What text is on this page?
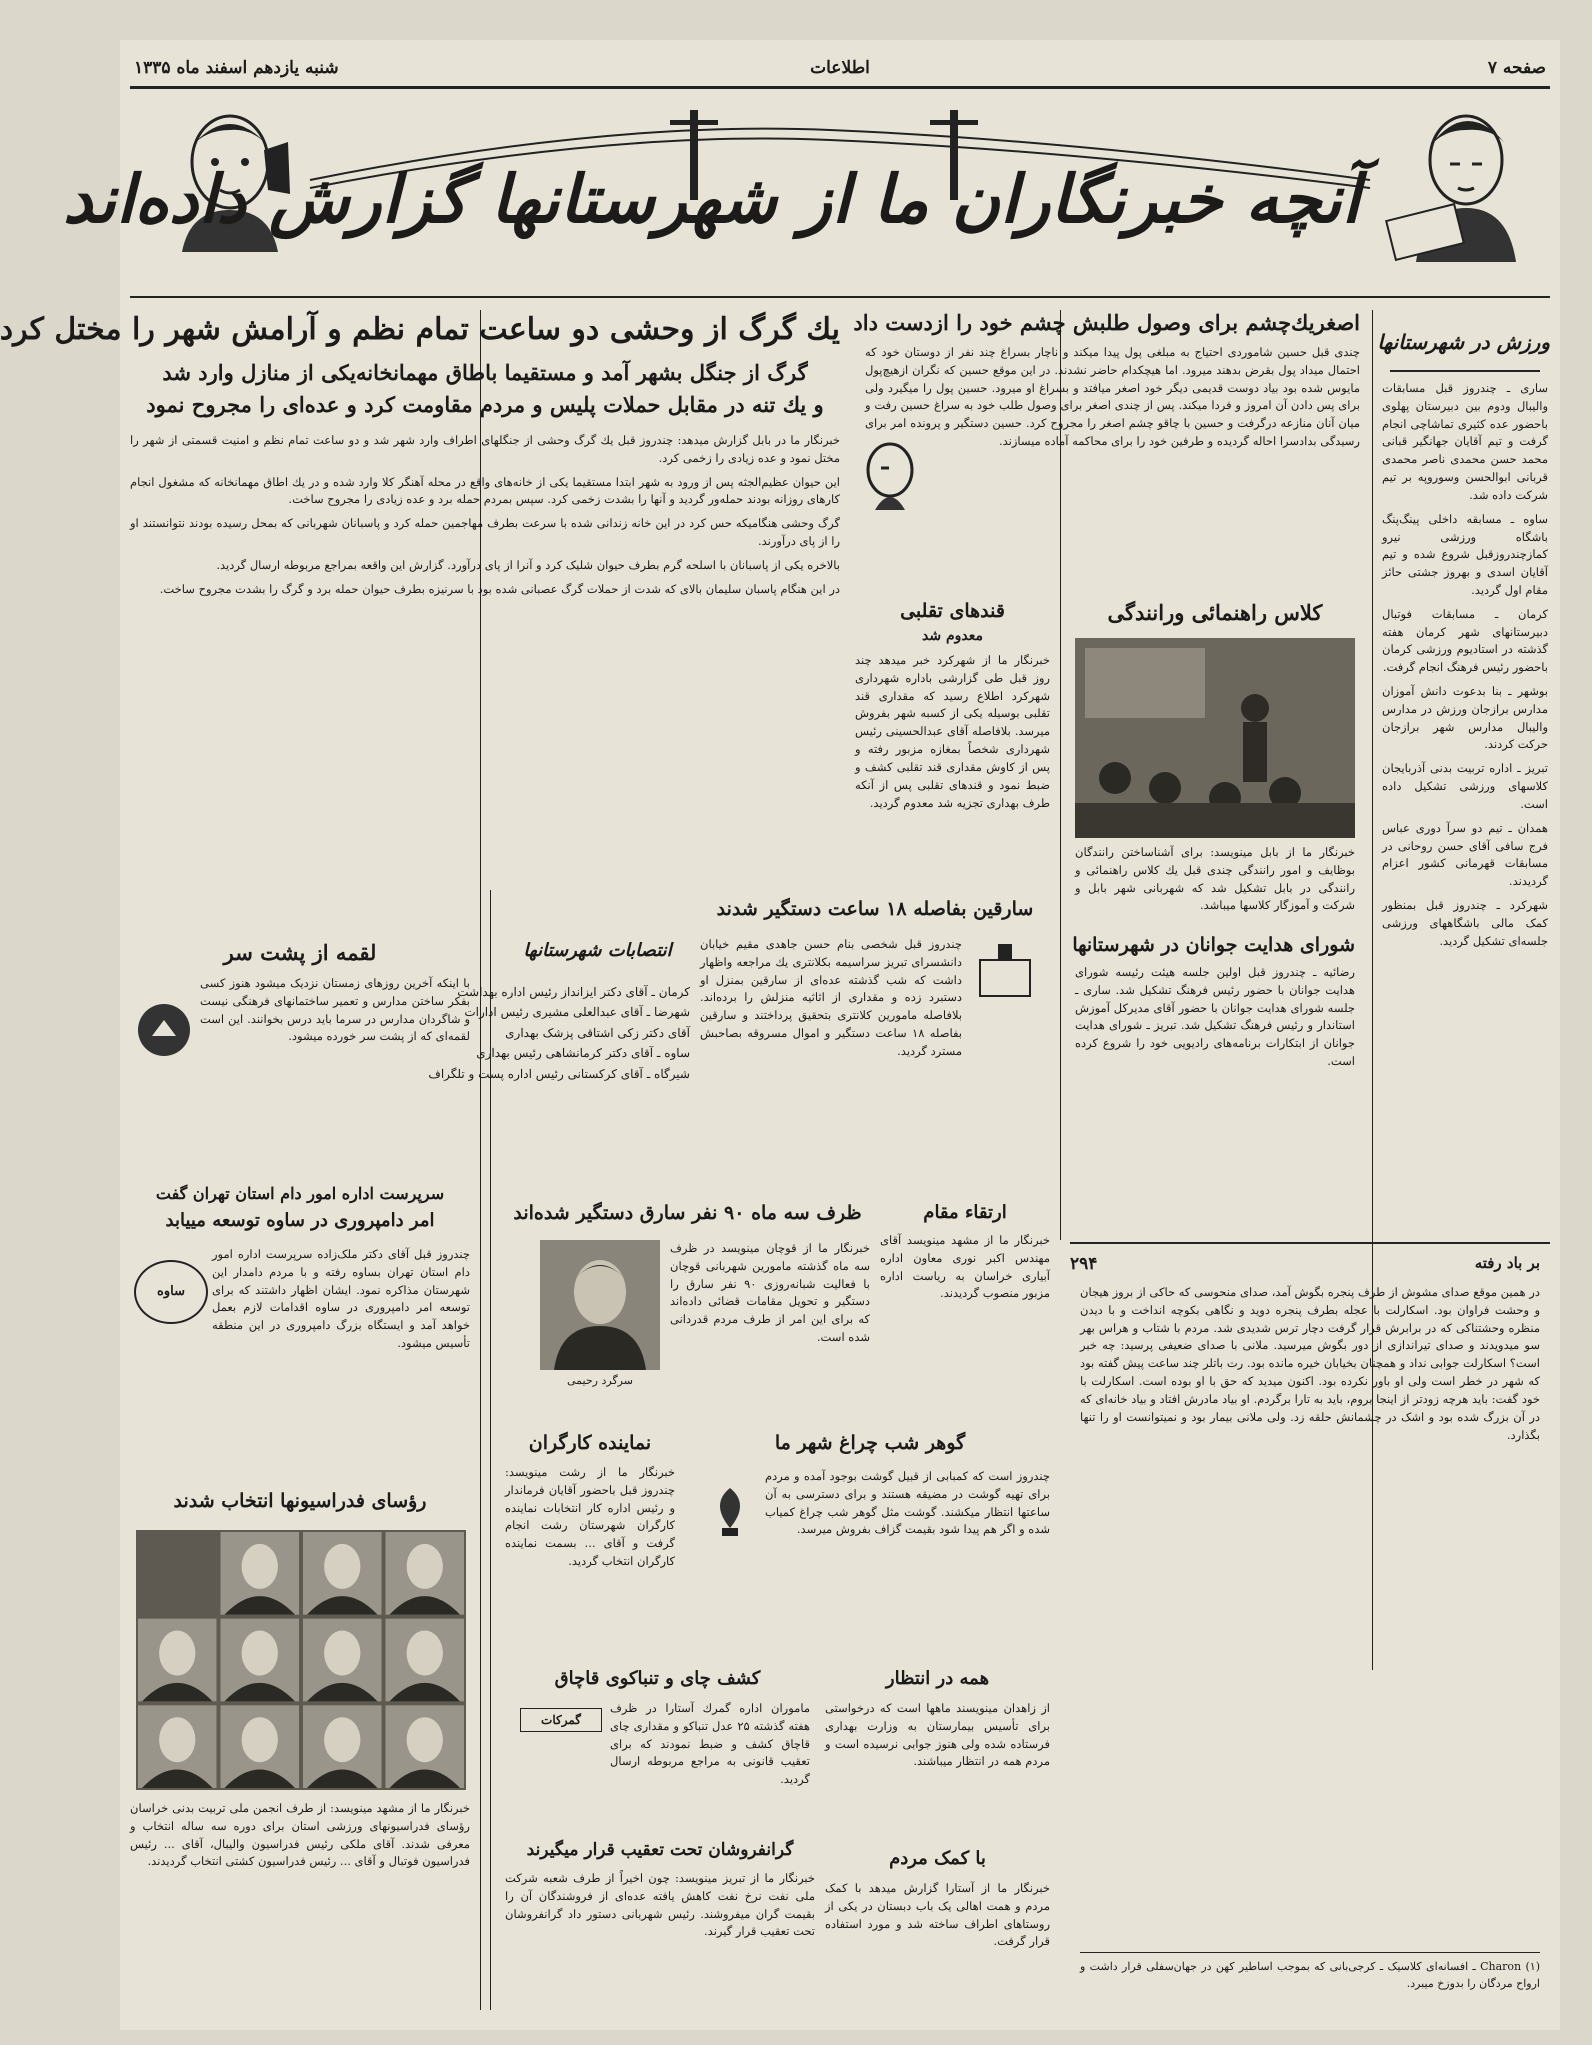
صفحه ۷
اطلاعات
شنبه یازدهم اسفند ماه ۱۳۳۵
آنچه خبرنگاران ما از شهرستانها گزارش داده‌اند
ورزش در شهرستانها

ساری ـ چندروز قبل مسابقات والیبال ودوم بین دبیرستان پهلوی باحضور عده کثیری تماشاچی انجام گرفت و تیم آقایان جهانگیر قبانی محمد حسن محمدی ناصر محمدی قربانی ابوالحسن وسوروپه بر تیم شرکت داده شد.

ساوه ـ مسابقه داخلی پینگ‌پنگ باشگاه ورزشی نیرو کمازچندروزقبل شروع شده و تیم آقایان اسدی و بهروز جشتی حائز مقام اول گردید.

کرمان ـ مسابقات فوتبال دبیرستانهای شهر کرمان هفته گذشته در استادیوم ورزشی کرمان باحضور رئیس فرهنگ انجام گرفت.

بوشهر ـ بنا بدعوت دانش آموزان مدارس برازجان ورزش در مدارس والیبال مدارس شهر برازجان حرکت کردند.

تبریز ـ اداره تربیت بدنی آذربایجان کلاسهای ورزشی تشکیل داده است.

همدان ـ تیم دو سرآ دوری عباس فرج سافی آقای حسن روحانی در مسابقات قهرمانی کشور اعزام گردیدند.

شهرکرد ـ چندروز قبل بمنظور کمک مالی باشگاههای ورزشی جلسه‌ای تشکیل گردید.

اصغریك‌چشم برای وصول طلبش چشم خود را ازدست داد
چندی قبل حسین شاموردی احتیاج به مبلغی پول پیدا میکند و ناچار بسراغ چند نفر از دوستان خود که احتمال میداد پول بقرض بدهند میرود. اما هیچکدام حاضر نشدند. در این موقع حسین که نگران ازهیچ‌پول مایوس شده بود بیاد دوست قدیمی دیگر خود اصغر میافتد و بسراغ او میرود. حسین پول را میگیرد ولی برای پس دادن آن امروز و فردا میکند. پس از چندی اصغر برای وصول طلب خود به سراغ حسین رفت و میان آنان منازعه درگرفت و حسین با چاقو چشم اصغر را مجروح کرد. حسین دستگیر و پرونده امر برای رسیدگی بدادسرا احاله گردیده و طرفین خود را برای محاکمه آماده میسازند.
قندهای تقلبی
معدوم شد
خبرنگار ما از شهرکرد خبر میدهد چند روز قبل طی گزارشی باداره شهرداری شهرکرد اطلاع رسید که مقداری قند تقلبی بوسیله یکی از کسبه شهر بفروش میرسد. بلافاصله آقای عبدالحسینی رئیس شهرداری شخصاً بمغازه مزبور رفته و پس از کاوش مقداری قند تقلبی کشف و ضبط نمود و قندهای تقلبی پس از آنکه طرف بهداری تجزیه شد معدوم گردید.
کلاس راهنمائی ورانندگی
خبرنگار ما از بابل مینویسد: برای آشناساختن رانندگان بوظایف و امور رانندگی چندی قبل یك کلاس راهنمائی و رانندگی در بابل تشکیل شد که شهربانی شهر بابل و شرکت و آموزگار کلاسها میباشد.
شورای هدایت جوانان در شهرستانها
رضائیه ـ چندروز قبل اولین جلسه هیئت رئیسه شورای هدایت جوانان با حضور رئیس فرهنگ تشکیل شد. ساری ـ جلسه شورای هدایت جوانان با حضور آقای مدیرکل آموزش استاندار و رئیس فرهنگ تشکیل شد. تبریز ـ شورای هدایت جوانان از ابتکارات برنامه‌های رادیویی خود را شروع کرده است.
سارقین بفاصله ۱۸ ساعت دستگیر شدند
چندروز قبل شخصی بنام حسن جاهدی مقیم خیابان دانشسرای تبریز سراسیمه بکلانتری یك مراجعه واظهار داشت که شب گذشته عده‌ای از سارقین بمنزل او دستبرد زده و مقداری از اثاثیه منزلش را برده‌اند. بلافاصله مامورین کلانتری بتحقیق پرداختند و سارقین بفاصله ۱۸ ساعت دستگیر و اموال مسروقه بصاحبش مسترد گردید.
انتصابات شهرستانها
کرمان ـ آقای دکتر ایزانداز رئیس اداره بهداشت
شهرضا ـ آقای عبدالعلی مشیری رئیس ادارات
آقای دکتر زکی اشتاقی پزشک بهداری
ساوه ـ آقای دکتر کرمانشاهی رئیس بهداری
شیرگاه ـ آقای کرکستانی رئیس اداره پست و تلگراف
ارتقاء مقام
خبرنگار ما از مشهد مینویسد آقای مهندس اکبر نوری معاون اداره آبیاری خراسان به ریاست اداره مزبور منصوب گردیدند.
ظرف سه ماه ۹۰ نفر سارق دستگیر شده‌اند
سرگرد رحیمی
خبرنگار ما از قوچان مینویسد در ظرف سه ماه گذشته مامورین شهربانی قوچان با فعالیت شبانه‌روزی ۹۰ نفر سارق را دستگیر و تحویل مقامات قضائی داده‌اند که برای این امر از طرف مردم قدردانی شده است.
نماینده کارگران
خبرنگار ما از رشت مینویسد: چندروز قبل باحضور آقایان فرماندار و رئیس اداره کار انتخابات نماینده کارگران شهرستان رشت انجام گرفت و آقای ... بسمت نماینده کارگران انتخاب گردید.
گوهر شب چراغ شهر ما
چندروز است که کمبابی از قبیل گوشت بوجود آمده و مردم برای تهیه گوشت در مضیقه هستند و برای دسترسی به آن ساعتها انتظار میکشند. گوشت مثل گوهر شب چراغ کمیاب شده و اگر هم پیدا شود بقیمت گزاف بفروش میرسد.
کشف چای و تنباکوی قاچاق
گمرکات
ماموران اداره گمرك آستارا در ظرف هفته گذشته ۲۵ عدل تنباکو و مقداری چای قاچاق کشف و ضبط نمودند که برای تعقیب قانونی به مراجع مربوطه ارسال گردید.
همه در انتظار
از زاهدان مینویسند ماهها است که درخواستی برای تأسیس بیمارستان به وزارت بهداری فرستاده شده ولی هنوز جوابی نرسیده است و مردم همه در انتظار میباشند.
با کمک مردم
خبرنگار ما از آستارا گزارش میدهد با کمک مردم و همت اهالی یک باب دبستان در یکی از روستاهای اطراف ساخته شد و مورد استفاده قرار گرفت.
گرانفروشان تحت تعقیب قرار میگیرند
خبرنگار ما از تبریز مینویسد: چون اخیراً از طرف شعبه شرکت ملی نفت نرخ نفت کاهش یافته عده‌ای از فروشندگان آن را بقیمت گران میفروشند. رئیس شهربانی دستور داد گرانفروشان تحت تعقیب قرار گیرند.
یك گرگ از وحشی دو ساعت تمام نظم و آرامش شهر را مختل کرد
گرگ از جنگل بشهر آمد و مستقیما باطاق مهمانخانه‌یکی از منازل وارد شد
و یك تنه در مقابل حملات پلیس و مردم مقاومت کرد و عده‌ای را مجروح نمود

خبرنگار ما در بابل گزارش میدهد: چندروز قبل یك گرگ وحشی از جنگلهای اطراف وارد شهر شد و دو ساعت تمام نظم و امنیت قسمتی از شهر را مختل نمود و عده زیادی را زخمی کرد.

این حیوان عظیم‌الجثه پس از ورود به شهر ابتدا مستقیما یکی از خانه‌های واقع در محله آهنگر کلا وارد شده و در یك اطاق مهمانخانه که مشغول انجام کارهای روزانه بودند حمله‌ور گردید و آنها را بشدت زخمی کرد. سپس بمردم حمله برد و عده زیادی را مجروح ساخت.

گرگ وحشی هنگامیکه حس کرد در این خانه زندانی شده با سرعت بطرف مهاجمین حمله کرد و پاسبانان شهربانی که بمحل رسیده بودند نتوانستند او را از پای درآورند.

بالاخره یکی از پاسبانان با اسلحه گرم بطرف حیوان شلیک کرد و آنرا از پای درآورد. گزارش این واقعه بمراجع مربوطه ارسال گردید.

در این هنگام پاسبان سلیمان بالای که شدت از حملات گرگ عصبانی شده بود با سرنیزه بطرف حیوان حمله برد و گرگ را بشدت مجروح ساخت.

لقمه از پشت سر
با اینکه آخرین روزهای زمستان نزدیک میشود هنوز کسی بفکر ساختن مدارس و تعمیر ساختمانهای فرهنگی نیست و شاگردان مدارس در سرما باید درس بخوانند. این است لقمه‌ای که از پشت سر خورده میشود.
سرپرست اداره امور دام استان تهران گفت
امر دامپروری در ساوه توسعه مییابد
ساوه
چندروز قبل آقای دکتر ملک‌زاده سرپرست اداره امور دام استان تهران بساوه رفته و با مردم دامدار این شهرستان مذاکره نمود. ایشان اظهار داشتند که برای توسعه امر دامپروری در ساوه اقدامات لازم بعمل خواهد آمد و ایستگاه بزرگ دامپروری در این منطقه تأسیس میشود.
رؤسای فدراسیونها انتخاب شدند
خبرنگار ما از مشهد مینویسد: از طرف انجمن ملی تربیت بدنی خراسان رؤسای فدراسیونهای ورزشی استان برای دوره سه ساله انتخاب و معرفی شدند. آقای ملکی رئیس فدراسیون والیبال، آقای ... رئیس فدراسیون فوتبال و آقای ... رئیس فدراسیون کشتی انتخاب گردیدند.
۲۹۴	بر باد رفته
در همین موقع صدای مشوش از طرف پنجره بگوش آمد، صدای منحوسی که حاکی از بروز هیجان و وحشت فراوان بود. اسکارلت با عجله بطرف پنجره دوید و نگاهی بکوچه انداخت و با دیدن منظره وحشتناکی که در برابرش قرار گرفت دچار ترس شدیدی شد. مردم با شتاب و هراس بهر سو میدویدند و صدای تیراندازی از دور بگوش میرسید. ملانی با صدای ضعیفی پرسید: چه خبر است؟ اسکارلت جوابی نداد و همچنان بخیابان خیره مانده بود. رت باتلر چند ساعت پیش گفته بود که شهر در خطر است ولی او باور نکرده بود. اکنون میدید که حق با او بوده است. اسکارلت با خود گفت: باید هرچه زودتر از اینجا بروم، باید به تارا برگردم. او بیاد مادرش افتاد و بیاد خانه‌ای که در آن بزرگ شده بود و اشک در چشمانش حلقه زد. ولی ملانی بیمار بود و نمیتوانست او را تنها بگذارد.
(۱) Charon ـ افسانه‌ای کلاسیک ـ کرجی‌بانی که بموجب اساطیر کهن در جهان‌سفلی قرار داشت و ارواح مردگان را بدوزخ میبرد.
